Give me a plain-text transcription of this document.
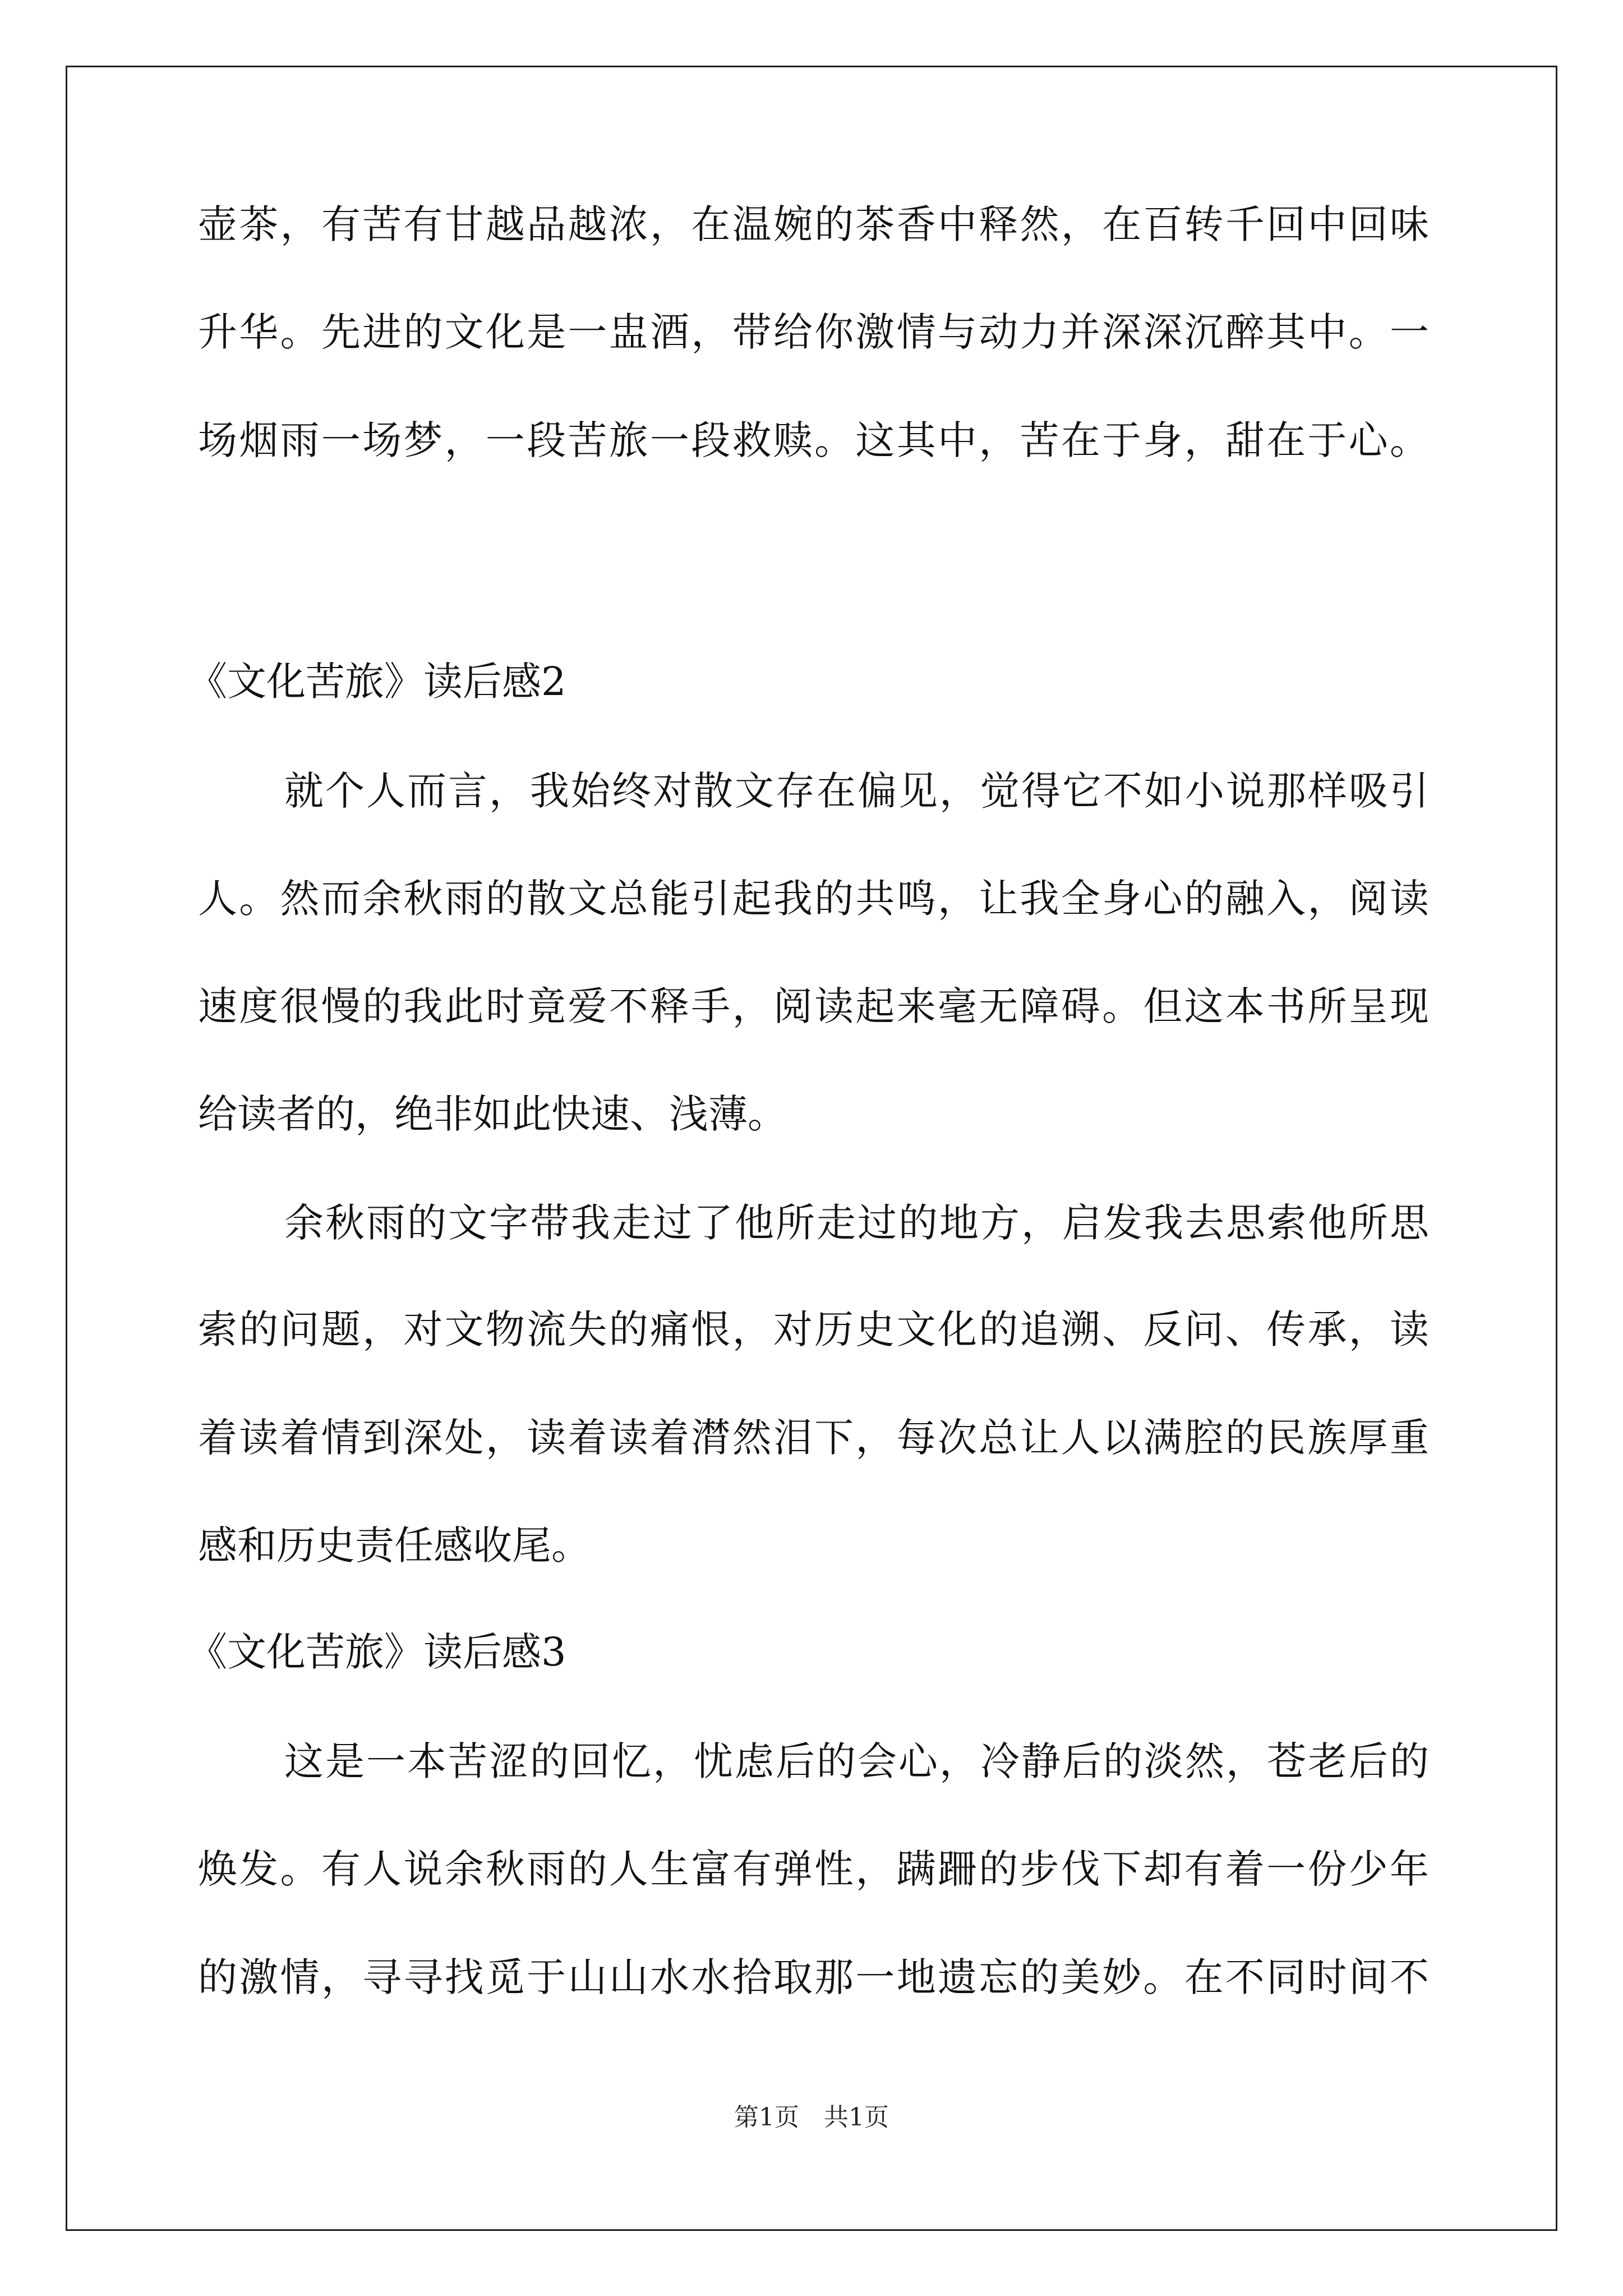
壶茶，有苦有甘越品越浓，在温婉的茶香中释然，在百转千回中回味
升华。先进的文化是一盅酒，带给你激情与动力并深深沉醉其中。一
场烟雨一场梦，一段苦旅一段救赎。这其中，苦在于身，甜在于心。
《文化苦旅》读后感2
就个人而言，我始终对散文存在偏见，觉得它不如小说那样吸引
人。然而余秋雨的散文总能引起我的共鸣，让我全身心的融入，阅读
速度很慢的我此时竟爱不释手，阅读起来毫无障碍。但这本书所呈现
给读者的，绝非如此快速、浅薄。
余秋雨的文字带我走过了他所走过的地方，启发我去思索他所思
索的问题，对文物流失的痛恨，对历史文化的追溯、反问、传承，读
着读着情到深处，读着读着潸然泪下，每次总让人以满腔的民族厚重
感和历史责任感收尾。
《文化苦旅》读后感3
这是一本苦涩的回忆，忧虑后的会心，冷静后的淡然，苍老后的
焕发。有人说余秋雨的人生富有弹性，蹒跚的步伐下却有着一份少年
的激情，寻寻找觅于山山水水拾取那一地遗忘的美妙。在不同时间不
第1页　共1页
